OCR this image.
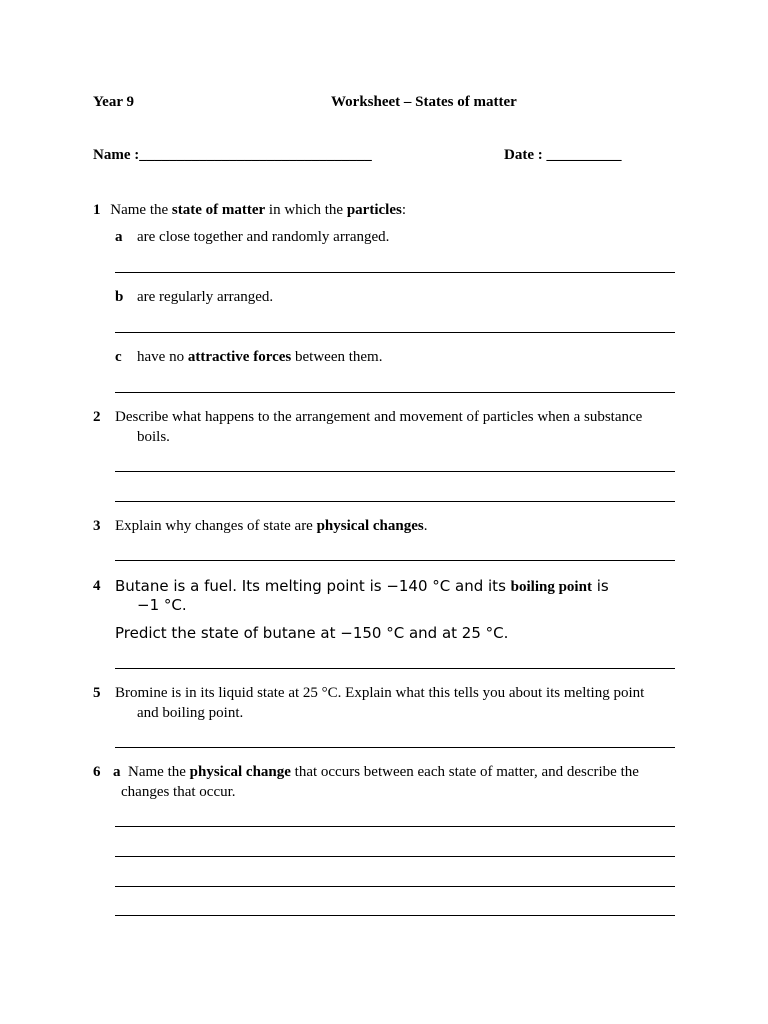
Year 9	Worksheet – States of matter
Name :_______________________________	Date : __________
1 Name the state of matter in which the particles:
a are close together and randomly arranged.
b are regularly arranged.
c have no attractive forces between them.
2 Describe what happens to the arrangement and movement of particles when a substance
boils.
3 Explain why changes of state are physical changes.
4 Butane is a fuel. Its melting point is −140 °C and its boiling point is
−1 °C.
Predict the state of butane at −150 °C and at 25 °C.
5 Bromine is in its liquid state at 25 °C. Explain what this tells you about its melting point
and boiling point.
6 a Name the physical change that occurs between each state of matter, and describe the
changes that occur.
